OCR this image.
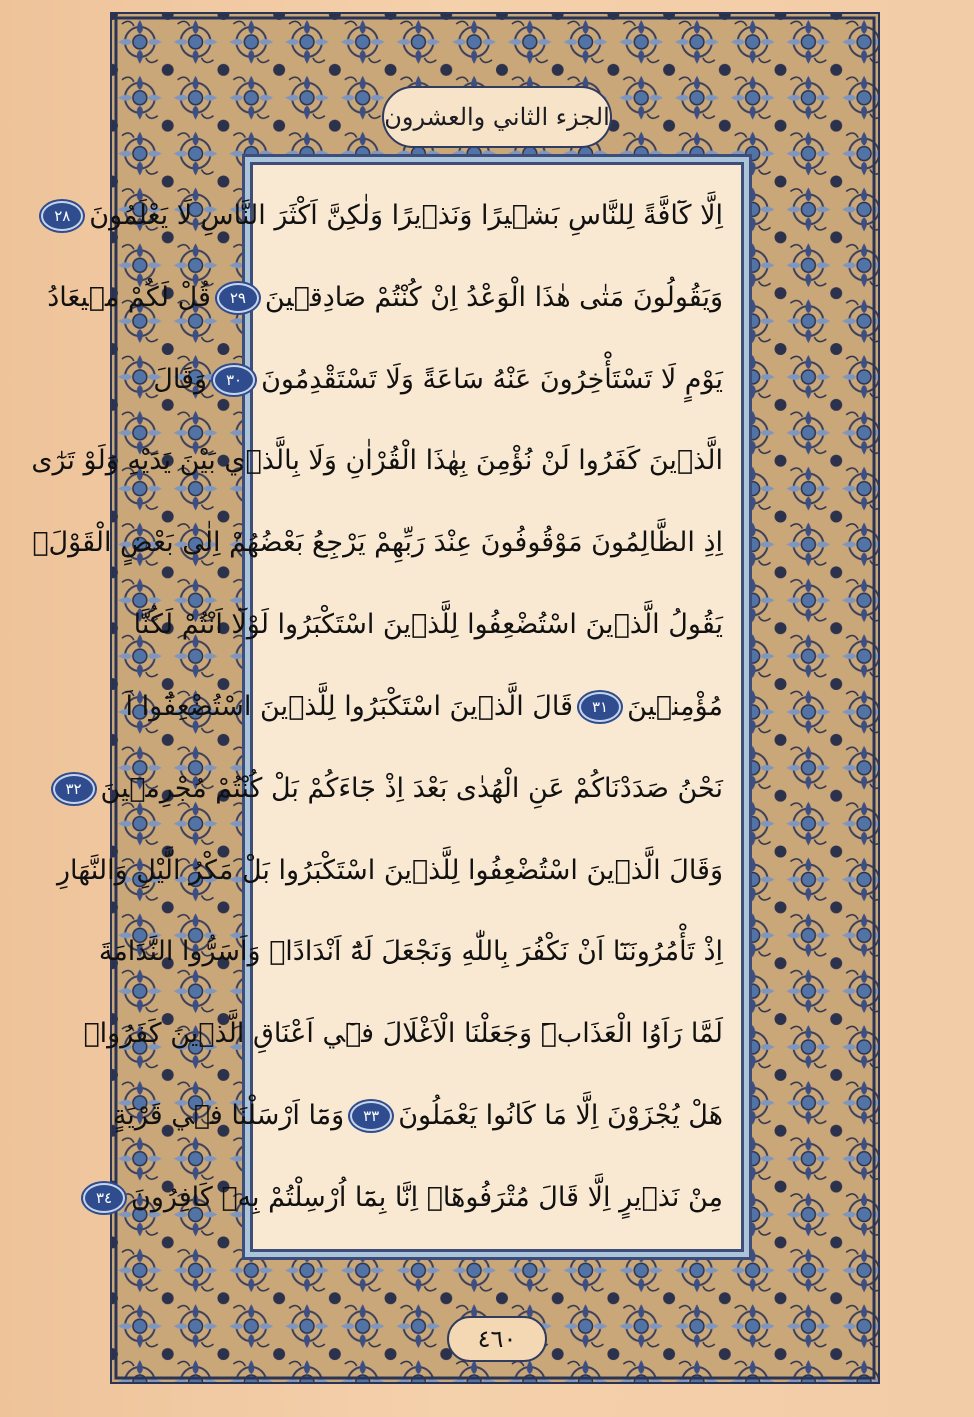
الجزء الثاني والعشرون
اِلَّا كَٓافَّةً لِلنَّاسِ بَش۪يرًا وَنَذ۪يرًا وَلٰكِنَّ اَكْثَرَ النَّاسِ لَا يَعْلَمُونَ
٢٨
وَيَقُولُونَ مَتٰى هٰذَا الْوَعْدُ اِنْ كُنْتُمْ صَادِق۪ينَ
٢٩
قُلْ لَكُمْ م۪يعَادُ
يَوْمٍ لَا تَسْتَأْخِرُونَ عَنْهُ سَاعَةً وَلَا تَسْتَقْدِمُونَ
٣٠
وَقَالَ
الَّذ۪ينَ كَفَرُوا لَنْ نُؤْمِنَ بِهٰذَا الْقُرْاٰنِ وَلَا بِالَّذ۪ي بَيْنَ يَدَيْهِ وَلَوْ تَرٰٓى
اِذِ الظَّالِمُونَ مَوْقُوفُونَ عِنْدَ رَبِّهِمْ يَرْجِعُ بَعْضُهُمْ اِلٰى بَعْضٍ الْقَوْلَۚ
يَقُولُ الَّذ۪ينَ اسْتُضْعِفُوا لِلَّذ۪ينَ اسْتَكْبَرُوا لَوْلَٓا اَنْتُمْ لَكُنَّا
مُؤْمِن۪ينَ
٣١
قَالَ الَّذ۪ينَ اسْتَكْبَرُوا لِلَّذ۪ينَ اسْتُضْعِفُٓوا اَ
نَحْنُ صَدَدْنَاكُمْ عَنِ الْهُدٰى بَعْدَ اِذْ جَٓاءَكُمْ بَلْ كُنْتُمْ مُجْرِم۪ينَ
٣٢
وَقَالَ الَّذ۪ينَ اسْتُضْعِفُوا لِلَّذ۪ينَ اسْتَكْبَرُوا بَلْ مَكْرُ الَّيْلِ وَالنَّهَارِ
اِذْ تَأْمُرُونَنَٓا اَنْ نَكْفُرَ بِاللّٰهِ وَنَجْعَلَ لَهُٓ اَنْدَادًاۜ وَاَسَرُّوا النَّدَامَةَ
لَمَّا رَاَوُا الْعَذَابَۜ وَجَعَلْنَا الْاَغْلَالَ ف۪ٓي اَعْنَاقِ الَّذ۪ينَ كَفَرُواۜ
هَلْ يُجْزَوْنَ اِلَّا مَا كَانُوا يَعْمَلُونَ
٣٣
وَمَٓا اَرْسَلْنَا ف۪ي قَرْيَةٍ
مِنْ نَذ۪يرٍ اِلَّا قَالَ مُتْرَفُوهَٓاۙ اِنَّا بِمَٓا اُرْسِلْتُمْ بِه۪ كَافِرُونَ
٣٤
٤٦٠
